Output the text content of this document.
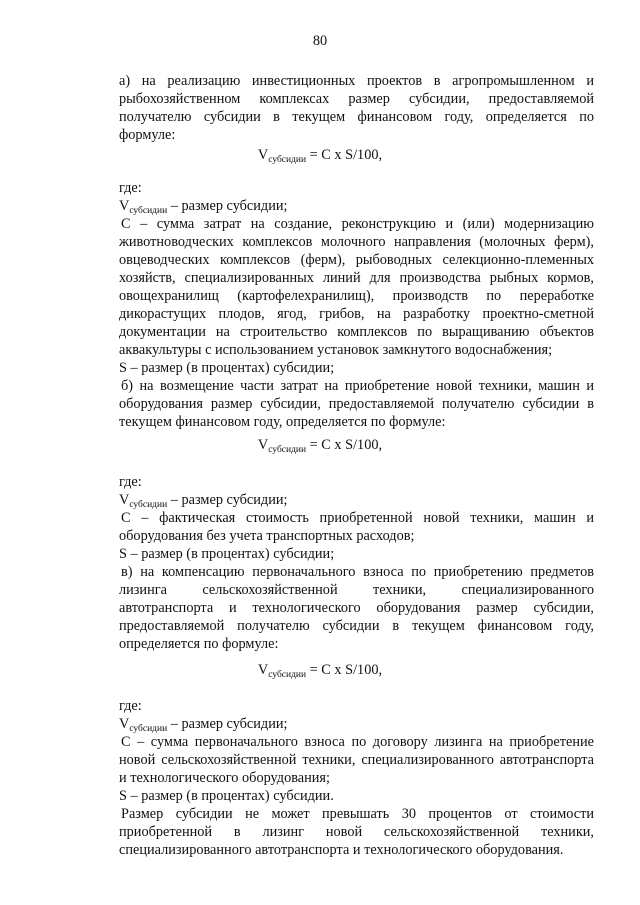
80
а) на реализацию инвестиционных проектов в агропромышленном и
рыбохозяйственном комплексах размер субсидии, предоставляемой
получателю субсидии в текущем финансовом году, определяется по
формуле:
$V_{субсидии} = С$ х S/100,
где:
$V_{субсидии}$ – размер субсидии;
С – сумма затрат на создание, реконструкцию и (или) модернизацию
животноводческих комплексов молочного направления (молочных ферм),
овцеводческих комплексов (ферм), рыбоводных селекционно-племенных
хозяйств, специализированных линий для производства рыбных кормов,
овощехранилищ (картофелехранилищ), производств по переработке
дикорастущих плодов, ягод, грибов, на разработку проектно-сметной
документации на строительство комплексов по выращиванию объектов
аквакультуры с использованием установок замкнутого водоснабжения;
S – размер (в процентах) субсидии;
б) на возмещение части затрат на приобретение новой техники, машин и
оборудования размер субсидии, предоставляемой получателю субсидии в
текущем финансовом году, определяется по формуле:
$V_{субсидии} = С$ х S/100,
где:
$V_{субсидии}$ – размер субсидии;
С – фактическая стоимость приобретенной новой техники, машин и
оборудования без учета транспортных расходов;
S – размер (в процентах) субсидии;
в) на компенсацию первоначального взноса по приобретению предметов
лизинга сельскохозяйственной техники, специализированного
автотранспорта и технологического оборудования размер субсидии,
предоставляемой получателю субсидии в текущем финансовом году,
определяется по формуле:
$V_{субсидии} = С$ х S/100,
где:
$V_{субсидии}$ – размер субсидии;
С – сумма первоначального взноса по договору лизинга на приобретение
новой сельскохозяйственной техники, специализированного автотранспорта
и технологического оборудования;
S – размер (в процентах) субсидии.
Размер субсидии не может превышать 30 процентов от стоимости
приобретенной в лизинг новой сельскохозяйственной техники,
специализированного автотранспорта и технологического оборудования.
